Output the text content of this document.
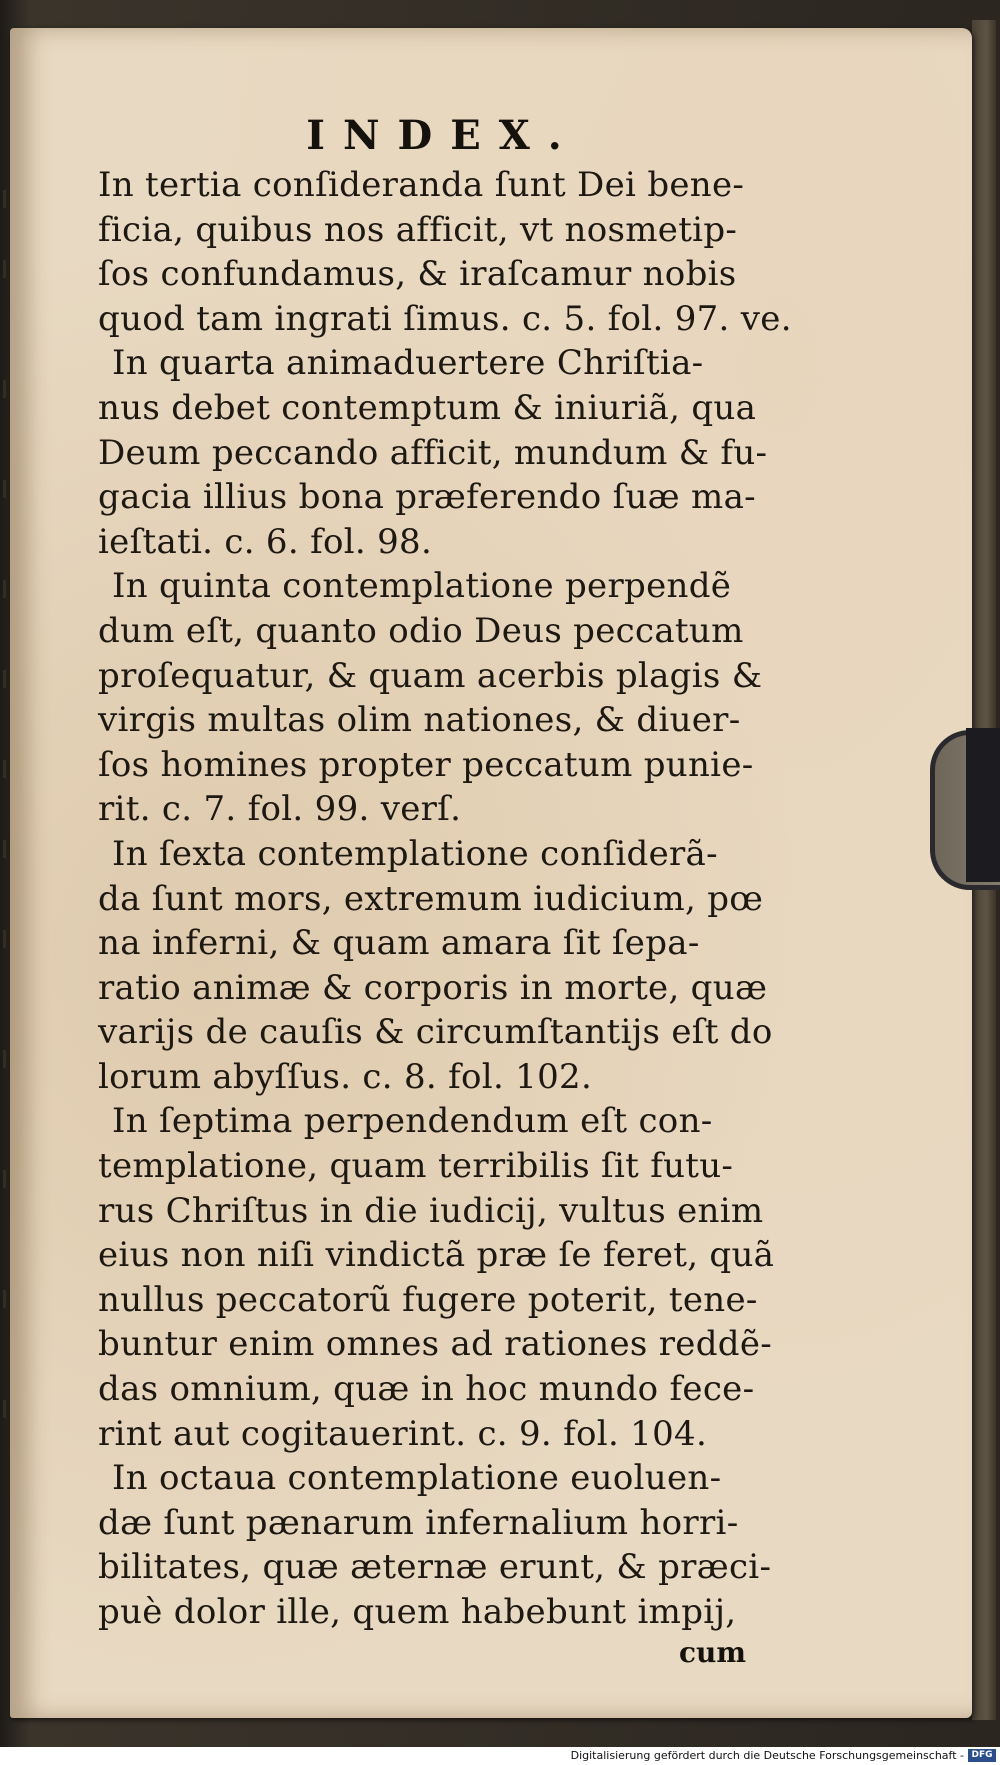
INDEX.
In tertia conſideranda ſunt Dei bene-
ficia, quibus nos afficit, vt nosmetip-
ſos confundamus, & iraſcamur nobis
quod tam ingrati ſimus. c. 5. fol. 97. ve.
In quarta animaduertere Chriſtia-
nus debet contemptum & iniuriã, qua
Deum peccando afficit, mundum & fu-
gacia illius bona præferendo ſuæ ma-
ieſtati. c. 6. fol. 98.
In quinta contemplatione perpendẽ
dum eſt, quanto odio Deus peccatum
proſequatur, & quam acerbis plagis &
virgis multas olim nationes, & diuer-
ſos homines propter peccatum punie-
rit. c. 7. fol. 99. verſ.
In ſexta contemplatione conſiderã-
da ſunt mors, extremum iudicium, pœ
na inferni, & quam amara ſit ſepa-
ratio animæ & corporis in morte, quæ
varijs de cauſis & circumſtantijs eſt do
lorum abyſſus. c. 8. fol. 102.
In ſeptima perpendendum eſt con-
templatione, quam terribilis ſit futu-
rus Chriſtus in die iudicij, vultus enim
eius non niſi vindictã præ ſe feret, quã
nullus peccatorũ fugere poterit, tene-
buntur enim omnes ad rationes reddẽ-
das omnium, quæ in hoc mundo fece-
rint aut cogitauerint. c. 9. fol. 104.
In octaua contemplatione euoluen-
dæ ſunt pænarum infernalium horri-
bilitates, quæ æternæ erunt, & præci-
puè dolor ille, quem habebunt impij,
cum
Digitalisierung gefördert durch die Deutsche Forschungsgemeinschaft - DFG
